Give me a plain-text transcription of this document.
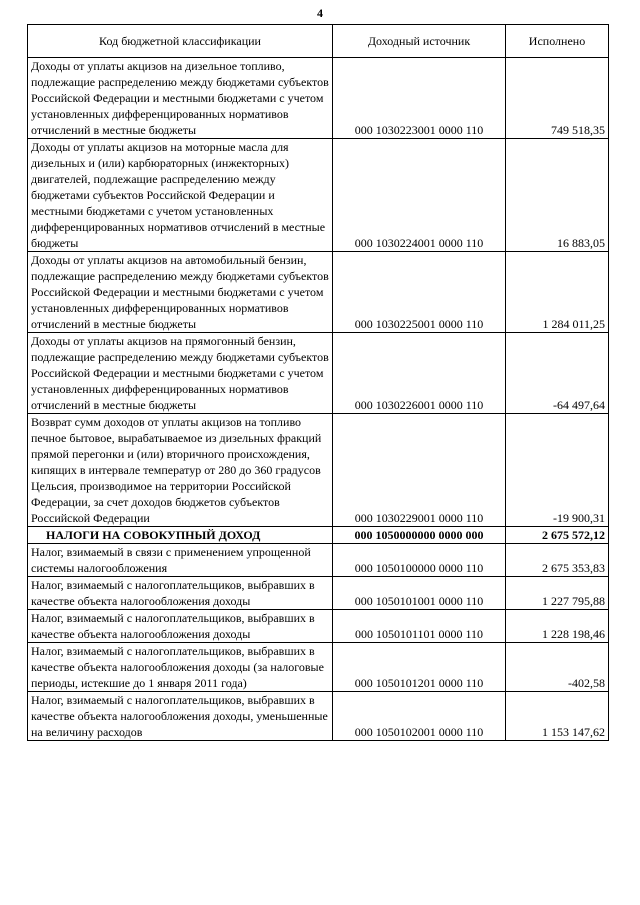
4
Код бюджетной классификации	Доходный источник	Исполнено
Доходы от уплаты акцизов на дизельное топливо, подлежащие распределению между бюджетами субъектов Российской Федерации и местными бюджетами с учетом установленных дифференцированных нормативов отчислений в местные бюджеты	000 1030223001 0000 110	749 518,35
Доходы от уплаты акцизов на моторные масла для дизельных и (или) карбюраторных (инжекторных) двигателей, подлежащие распределению между бюджетами субъектов Российской Федерации и местными бюджетами с учетом установленных дифференцированных нормативов отчислений в местные бюджеты	000 1030224001 0000 110	16 883,05
Доходы от уплаты акцизов на автомобильный бензин, подлежащие распределению между бюджетами субъектов Российской Федерации и местными бюджетами с учетом установленных дифференцированных нормативов отчислений в местные бюджеты	000 1030225001 0000 110	1 284 011,25
Доходы от уплаты акцизов на прямогонный бензин, подлежащие распределению между бюджетами субъектов Российской Федерации и местными бюджетами с учетом установленных дифференцированных нормативов отчислений в местные бюджеты	000 1030226001 0000 110	-64 497,64
Возврат сумм доходов от уплаты акцизов на топливо печное бытовое, вырабатываемое из дизельных фракций прямой перегонки и (или) вторичного происхождения, кипящих в интервале температур от 280 до 360 градусов Цельсия, производимое на территории Российской Федерации, за счет доходов бюджетов субъектов Российской Федерации	000 1030229001 0000 110	-19 900,31
НАЛОГИ НА СОВОКУПНЫЙ ДОХОД	000 1050000000 0000 000	2 675 572,12
Налог, взимаемый в связи с применением упрощенной системы налогообложения	000 1050100000 0000 110	2 675 353,83
Налог, взимаемый с налогоплательщиков, выбравших в качестве объекта налогообложения доходы	000 1050101001 0000 110	1 227 795,88
Налог, взимаемый с налогоплательщиков, выбравших в качестве объекта налогообложения доходы	000 1050101101 0000 110	1 228 198,46
Налог, взимаемый с налогоплательщиков, выбравших в качестве объекта налогообложения доходы (за налоговые периоды, истекшие до 1 января 2011 года)	000 1050101201 0000 110	-402,58
Налог, взимаемый с налогоплательщиков, выбравших в качестве объекта налогообложения доходы, уменьшенные на величину расходов	000 1050102001 0000 110	1 153 147,62
